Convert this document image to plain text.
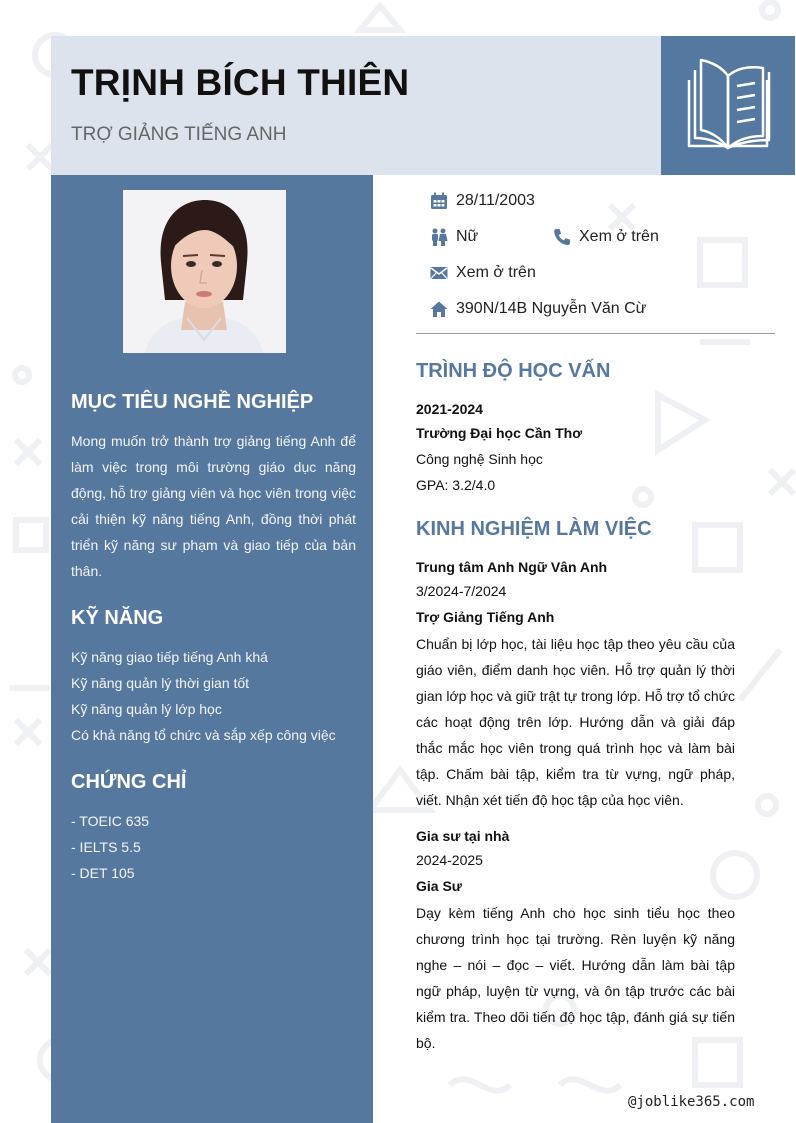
TRỊNH BÍCH THIÊN
TRỢ GIẢNG TIẾNG ANH
MỤC TIÊU NGHỀ NGHIỆP
Mong muốn trở thành trợ giảng tiếng Anh để làm việc trong môi trường giáo dục năng động, hỗ trợ giảng viên và học viên trong việc cải thiện kỹ năng tiếng Anh, đồng thời phát triển kỹ năng sư phạm và giao tiếp của bản thân.
KỸ NĂNG
Kỹ năng giao tiếp tiếng Anh khá
Kỹ năng quản lý thời gian tốt
Kỹ năng quản lý lớp học
Có khả năng tổ chức và sắp xếp công việc
CHỨNG CHỈ
- TOEIC 635
- IELTS 5.5
- DET 105
28/11/2003
Nữ	Xem ở trên
Xem ở trên
390N/14B Nguyễn Văn Cừ
TRÌNH ĐỘ HỌC VẤN
2021-2024
Trường Đại học Cần Thơ
Công nghệ Sinh học
GPA: 3.2/4.0
KINH NGHIỆM LÀM VIỆC
Trung tâm Anh Ngữ Vân Anh
3/2024-7/2024
Trợ Giảng Tiếng Anh
Chuẩn bị lớp học, tài liệu học tập theo yêu cầu của giáo viên, điểm danh học viên. Hỗ trợ quản lý thời gian lớp học và giữ trật tự trong lớp. Hỗ trợ tổ chức các hoạt động trên lớp. Hướng dẫn và giải đáp thắc mắc học viên trong quá trình học và làm bài tập. Chấm bài tập, kiểm tra từ vựng, ngữ pháp, viết. Nhận xét tiến độ học tập của học viên.
Gia sư tại nhà
2024-2025
Gia Sư
Dạy kèm tiếng Anh cho học sinh tiểu học theo chương trình học tại trường. Rèn luyện kỹ năng nghe – nói – đọc – viết. Hướng dẫn làm bài tập ngữ pháp, luyện từ vựng, và ôn tập trước các bài kiểm tra. Theo dõi tiến độ học tập, đánh giá sự tiến bộ.
@joblike365.com
